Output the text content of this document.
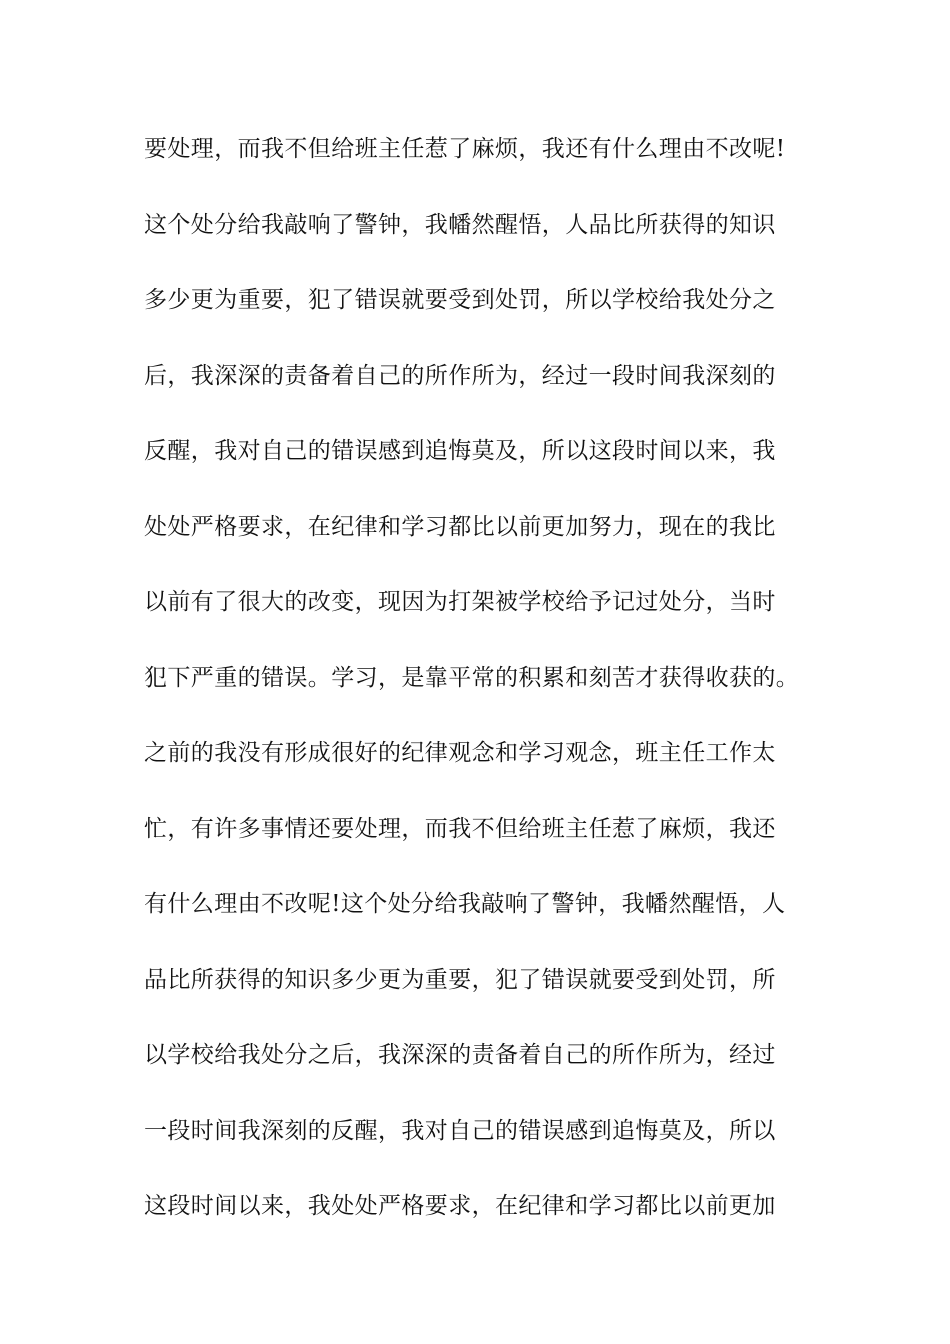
要处理，而我不但给班主任惹了麻烦，我还有什么理由不改呢!
这个处分给我敲响了警钟，我幡然醒悟，人品比所获得的知识
多少更为重要，犯了错误就要受到处罚，所以学校给我处分之
后，我深深的责备着自己的所作所为，经过一段时间我深刻的
反醒，我对自己的错误感到追悔莫及，所以这段时间以来，我
处处严格要求，在纪律和学习都比以前更加努力，现在的我比
以前有了很大的改变，现因为打架被学校给予记过处分，当时
犯下严重的错误。学习，是靠平常的积累和刻苦才获得收获的。
之前的我没有形成很好的纪律观念和学习观念，班主任工作太
忙，有许多事情还要处理，而我不但给班主任惹了麻烦，我还
有什么理由不改呢!这个处分给我敲响了警钟，我幡然醒悟，人
品比所获得的知识多少更为重要，犯了错误就要受到处罚，所
以学校给我处分之后，我深深的责备着自己的所作所为，经过
一段时间我深刻的反醒，我对自己的错误感到追悔莫及，所以
这段时间以来，我处处严格要求，在纪律和学习都比以前更加
